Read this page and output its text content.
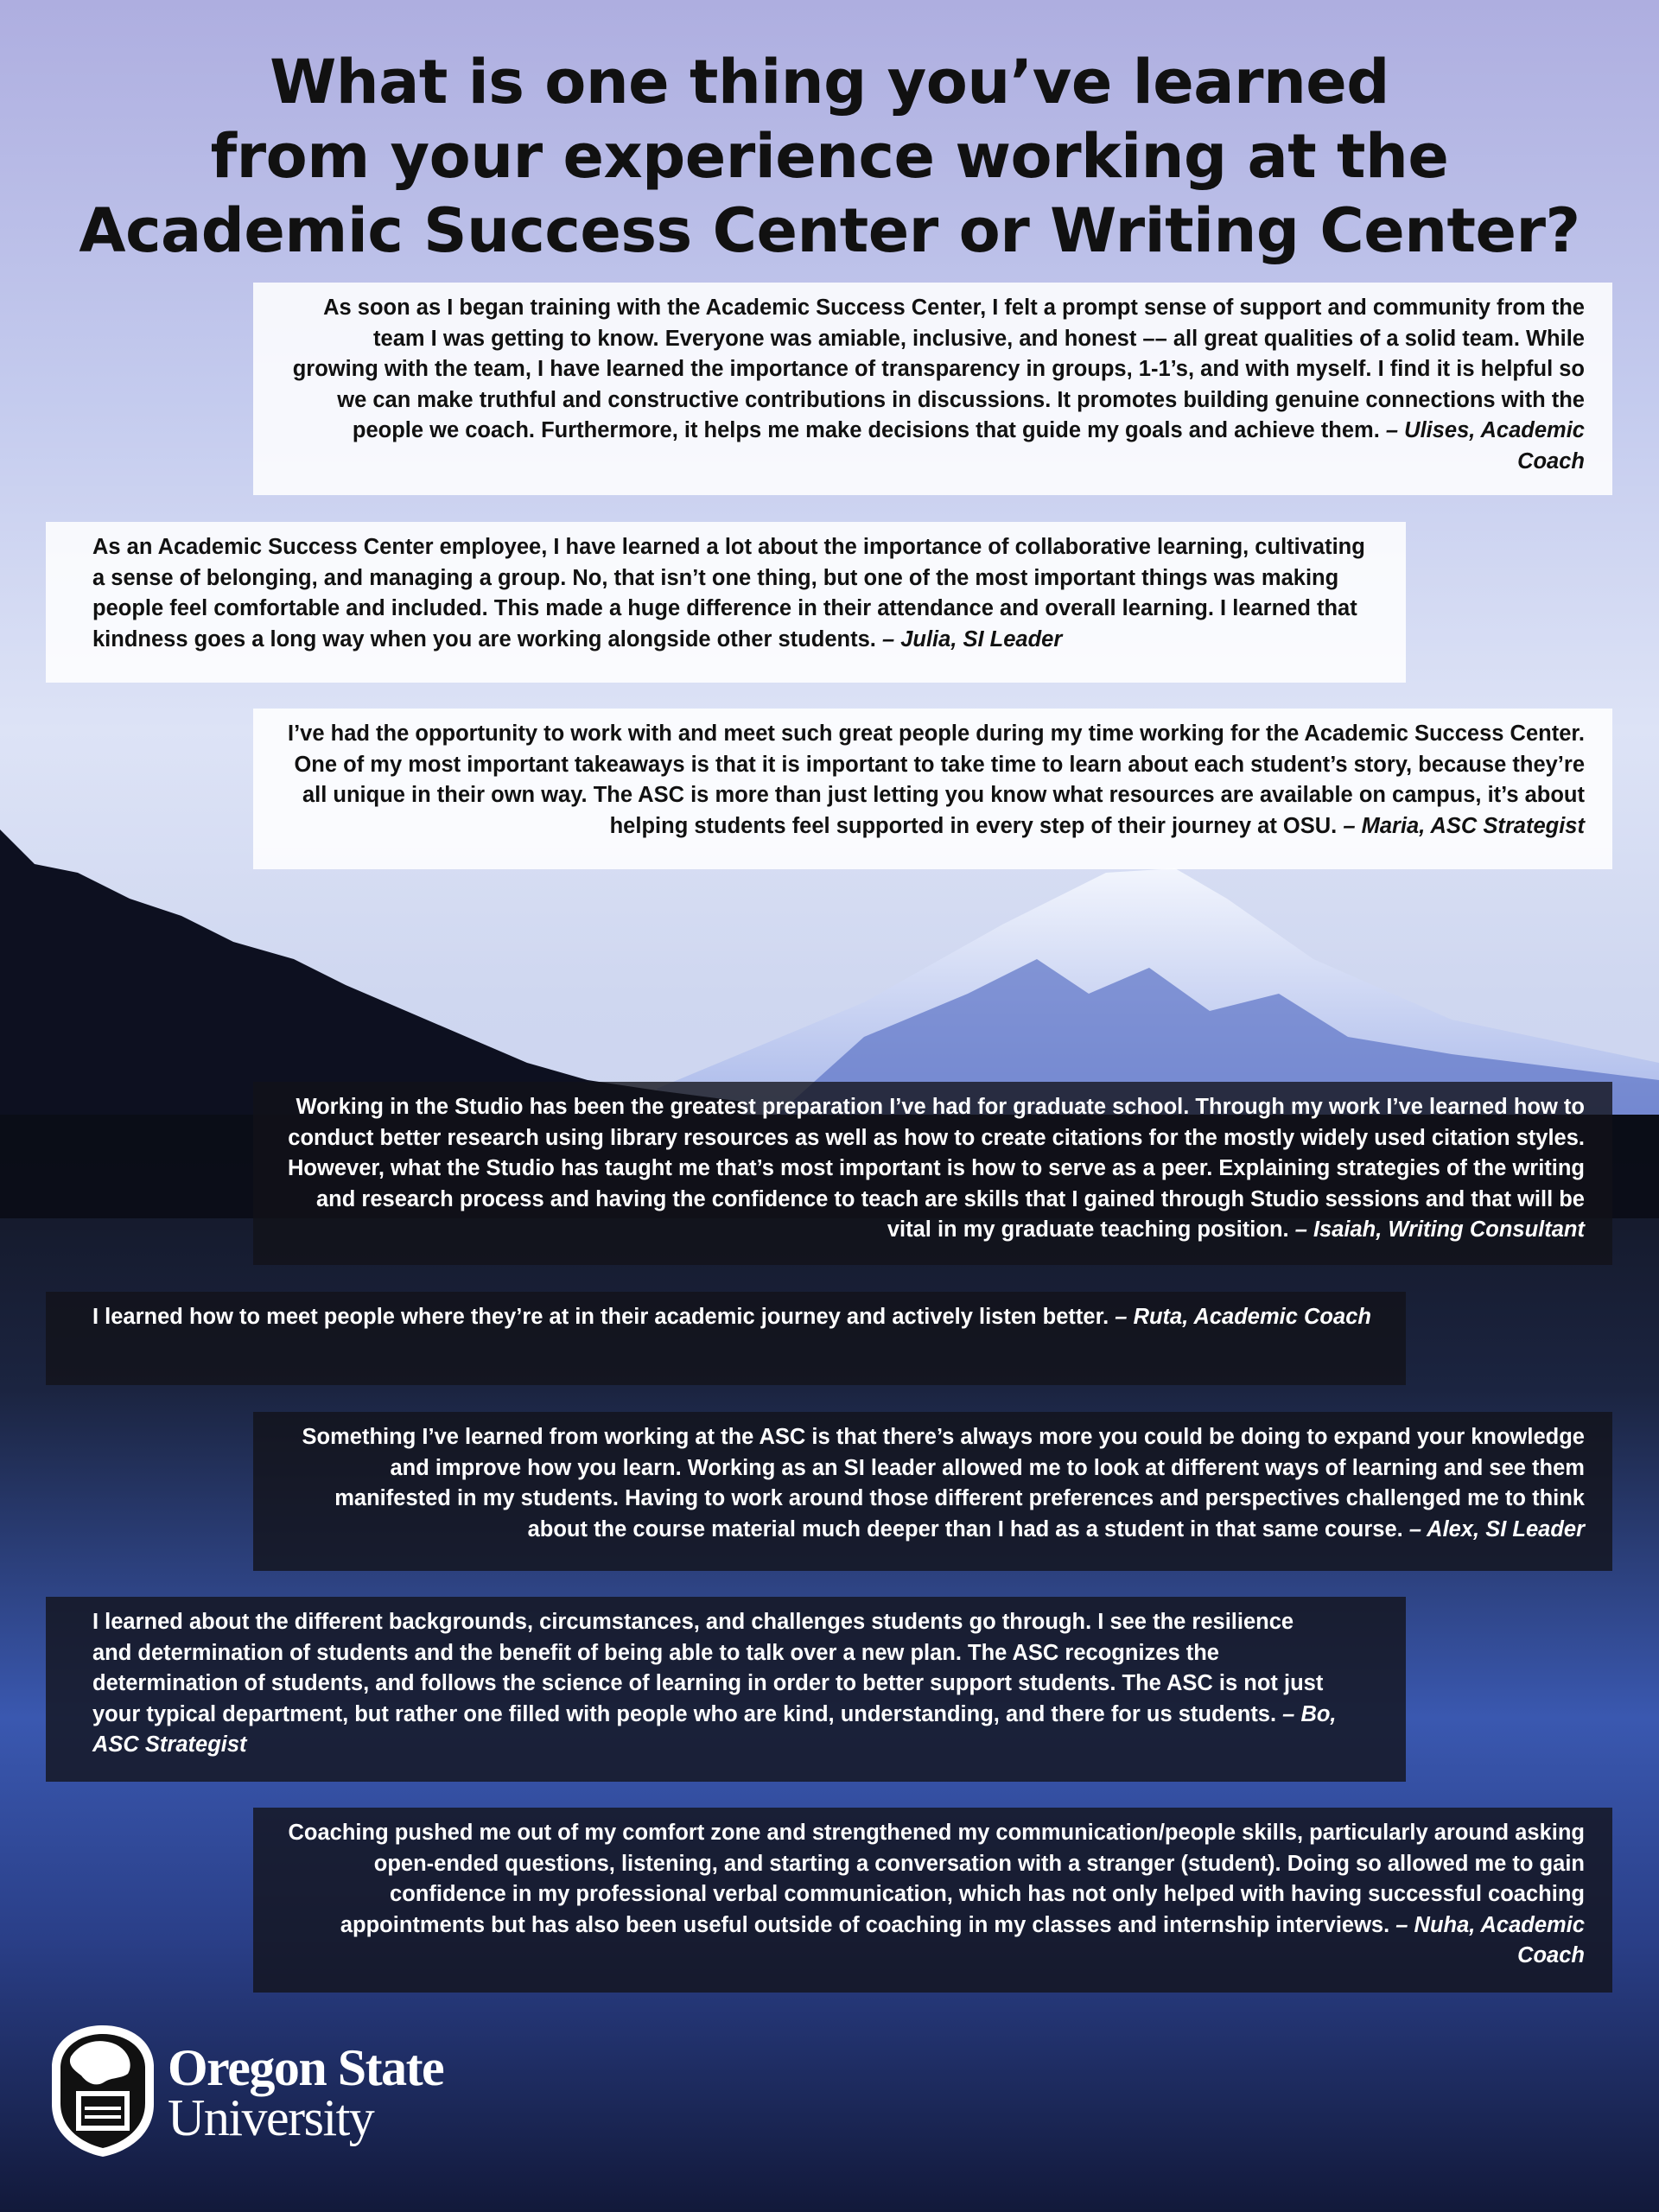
What is one thing you’ve learned
from your experience working at the
Academic Success Center or Writing Center?
As soon as I began training with the Academic Success Center, I felt a prompt sense of support and community from the team I was getting to know. Everyone was amiable, inclusive, and honest –– all great qualities of a solid team. While growing with the team, I have learned the importance of transparency in groups, 1-1’s, and with myself. I find it is helpful so we can make truthful and constructive contributions in discussions. It promotes building genuine connections with the people we coach. Furthermore, it helps me make decisions that guide my goals and achieve them. – Ulises, Academic Coach
As an Academic Success Center employee, I have learned a lot about the importance of collaborative learning, cultivating a sense of belonging, and managing a group. No, that isn’t one thing, but one of the most important things was making people feel comfortable and included. This made a huge difference in their attendance and overall learning. I learned that kindness goes a long way when you are working alongside other students. – Julia, SI Leader
I’ve had the opportunity to work with and meet such great people during my time working for the Academic Success Center. One of my most important takeaways is that it is important to take time to learn about each student’s story, because they’re all unique in their own way. The ASC is more than just letting you know what resources are available on campus, it’s about helping students feel supported in every step of their journey at OSU. – Maria, ASC Strategist
Working in the Studio has been the greatest preparation I’ve had for graduate school. Through my work I’ve learned how to conduct better research using library resources as well as how to create citations for the mostly widely used citation styles. However, what the Studio has taught me that’s most important is how to serve as a peer. Explaining strategies of the writing and research process and having the confidence to teach are skills that I gained through Studio sessions and that will be vital in my graduate teaching position. – Isaiah, Writing Consultant
I learned how to meet people where they’re at in their academic journey and actively listen better. – Ruta, Academic Coach
Something I’ve learned from working at the ASC is that there’s always more you could be doing to expand your knowledge and improve how you learn. Working as an SI leader allowed me to look at different ways of learning and see them manifested in my students. Having to work around those different preferences and perspectives challenged me to think about the course material much deeper than I had as a student in that same course. – Alex, SI Leader
I learned about the different backgrounds, circumstances, and challenges students go through. I see the resilience and determination of students and the benefit of being able to talk over a new plan. The ASC recognizes the determination of students, and follows the science of learning in order to better support students. The ASC is not just your typical department, but rather one filled with people who are kind, understanding, and there for us students. – Bo, ASC Strategist
Coaching pushed me out of my comfort zone and strengthened my communication/people skills, particularly around asking open-ended questions, listening, and starting a conversation with a stranger (student). Doing so allowed me to gain confidence in my professional verbal communication, which has not only helped with having successful coaching appointments but has also been useful outside of coaching in my classes and internship interviews. – Nuha, Academic Coach
Oregon State
University
